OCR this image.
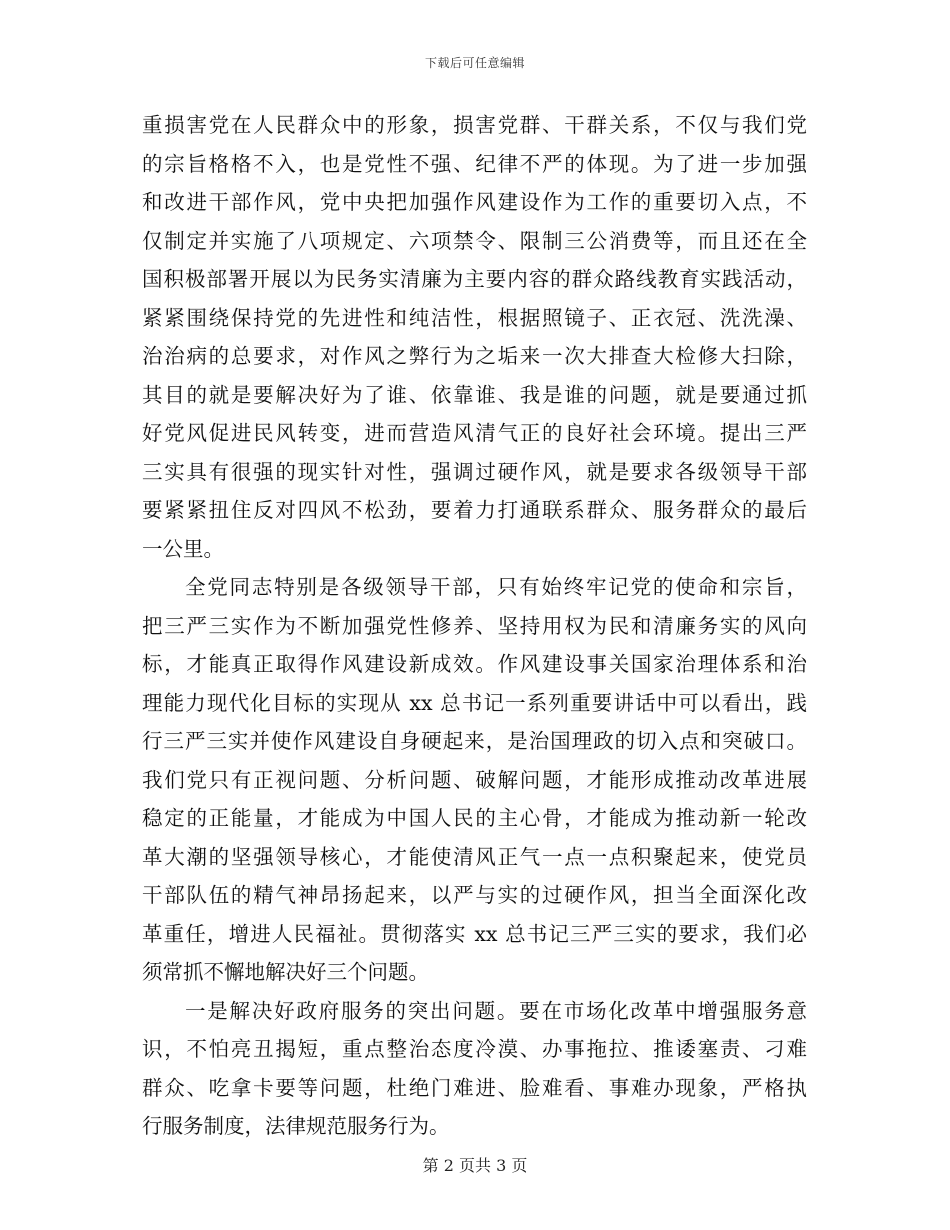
下载后可任意编辑
重损害党在人民群众中的形象，损害党群、干群关系，不仅与我们党
的宗旨格格不入，也是党性不强、纪律不严的体现。为了进一步加强
和改进干部作风，党中央把加强作风建设作为工作的重要切入点，不
仅制定并实施了八项规定、六项禁令、限制三公消费等，而且还在全
国积极部署开展以为民务实清廉为主要内容的群众路线教育实践活动，
紧紧围绕保持党的先进性和纯洁性，根据照镜子、正衣冠、洗洗澡、
治治病的总要求，对作风之弊行为之垢来一次大排查大检修大扫除，
其目的就是要解决好为了谁、依靠谁、我是谁的问题，就是要通过抓
好党风促进民风转变，进而营造风清气正的良好社会环境。提出三严
三实具有很强的现实针对性，强调过硬作风，就是要求各级领导干部
要紧紧扭住反对四风不松劲，要着力打通联系群众、服务群众的最后
一公里。
全党同志特别是各级领导干部，只有始终牢记党的使命和宗旨，
把三严三实作为不断加强党性修养、坚持用权为民和清廉务实的风向
标，才能真正取得作风建设新成效。作风建设事关国家治理体系和治
理能力现代化目标的实现从 xx 总书记一系列重要讲话中可以看出，践
行三严三实并使作风建设自身硬起来，是治国理政的切入点和突破口。
我们党只有正视问题、分析问题、破解问题，才能形成推动改革进展
稳定的正能量，才能成为中国人民的主心骨，才能成为推动新一轮改
革大潮的坚强领导核心，才能使清风正气一点一点积聚起来，使党员
干部队伍的精气神昂扬起来，以严与实的过硬作风，担当全面深化改
革重任，增进人民福祉。贯彻落实 xx 总书记三严三实的要求，我们必
须常抓不懈地解决好三个问题。
一是解决好政府服务的突出问题。要在市场化改革中增强服务意
识，不怕亮丑揭短，重点整治态度冷漠、办事拖拉、推诿塞责、刁难
群众、吃拿卡要等问题，杜绝门难进、脸难看、事难办现象，严格执
行服务制度，法律规范服务行为。
第 2 页共 3 页
